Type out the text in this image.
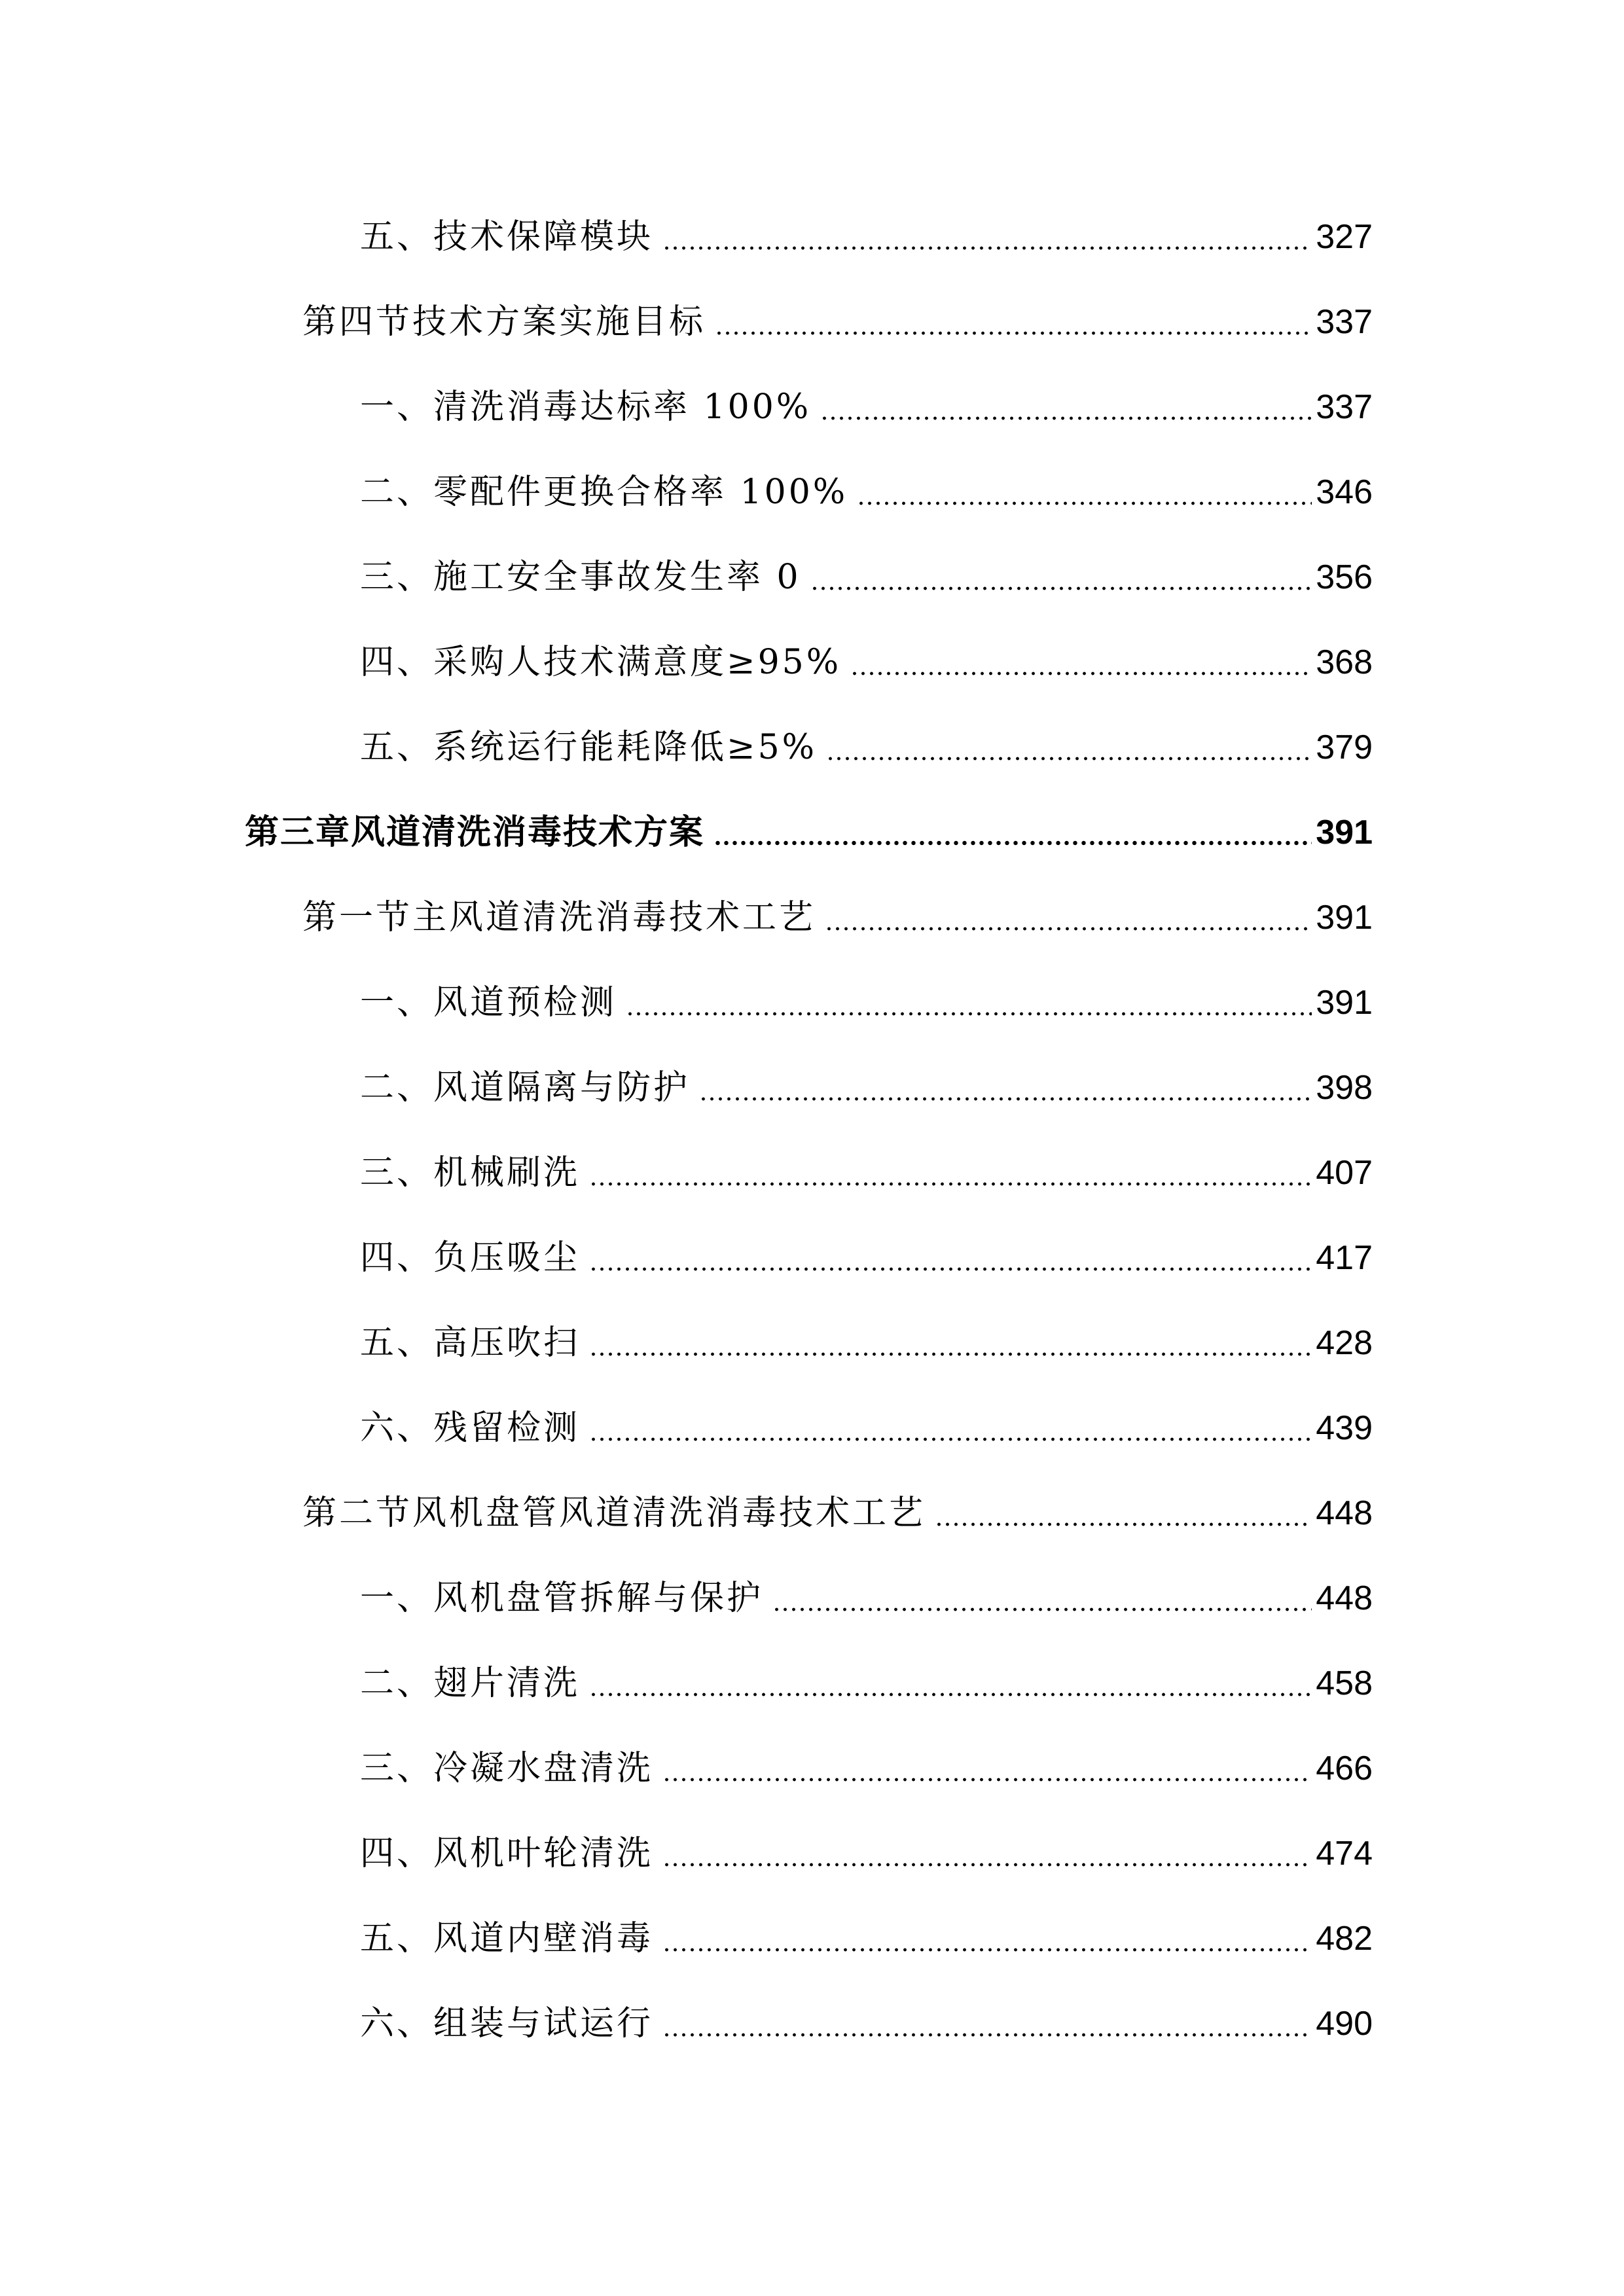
五、技术保障模块	327
第四节技术方案实施目标	337
一、清洗消毒达标率 100%	337
二、零配件更换合格率 100%	346
三、施工安全事故发生率 0	356
四、采购人技术满意度≥95%	368
五、系统运行能耗降低≥5%	379
第三章风道清洗消毒技术方案	391
第一节主风道清洗消毒技术工艺	391
一、风道预检测	391
二、风道隔离与防护	398
三、机械刷洗	407
四、负压吸尘	417
五、高压吹扫	428
六、残留检测	439
第二节风机盘管风道清洗消毒技术工艺	448
一、风机盘管拆解与保护	448
二、翅片清洗	458
三、冷凝水盘清洗	466
四、风机叶轮清洗	474
五、风道内壁消毒	482
六、组装与试运行	490
